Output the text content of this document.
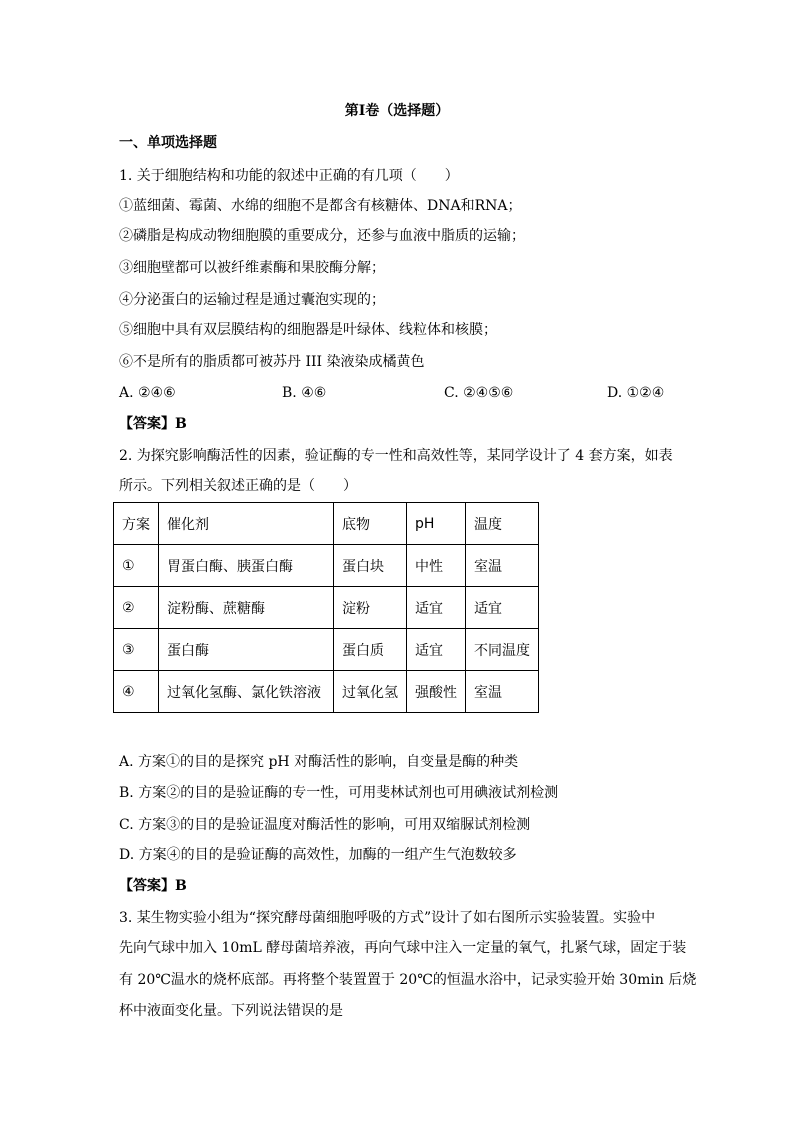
第Ⅰ卷（选择题）
一、单项选择题
1. 关于细胞结构和功能的叙述中正确的有几项（　　）
①蓝细菌、霉菌、水绵的细胞不是都含有核糖体、DNA和RNA；
②磷脂是构成动物细胞膜的重要成分，还参与血液中脂质的运输；
③细胞壁都可以被纤维素酶和果胶酶分解；
④分泌蛋白的运输过程是通过囊泡实现的；
⑤细胞中具有双层膜结构的细胞器是叶绿体、线粒体和核膜；
⑥不是所有的脂质都可被苏丹 III 染液染成橘黄色
A. ②④⑥	B. ④⑥	C. ②④⑤⑥	D. ①②④
【答案】B
2. 为探究影响酶活性的因素，验证酶的专一性和高效性等，某同学设计了 4 套方案，如表
所示。下列相关叙述正确的是（　　）
方案	催化剂	底物	pH	温度
①	胃蛋白酶、胰蛋白酶	蛋白块	中性	室温
②	淀粉酶、蔗糖酶	淀粉	适宜	适宜
③	蛋白酶	蛋白质	适宜	不同温度
④	过氧化氢酶、氯化铁溶液	过氧化氢	强酸性	室温
A. 方案①的目的是探究 pH 对酶活性的影响，自变量是酶的种类
B. 方案②的目的是验证酶的专一性，可用斐林试剂也可用碘液试剂检测
C. 方案③的目的是验证温度对酶活性的影响，可用双缩脲试剂检测
D. 方案④的目的是验证酶的高效性，加酶的一组产生气泡数较多
【答案】B
3. 某生物实验小组为“探究酵母菌细胞呼吸的方式”设计了如右图所示实验装置。实验中
先向气球中加入 10mL 酵母菌培养液，再向气球中注入一定量的氧气，扎紧气球，固定于装
有 20℃温水的烧杯底部。再将整个装置置于 20℃的恒温水浴中，记录实验开始 30min 后烧
杯中液面变化量。下列说法错误的是
